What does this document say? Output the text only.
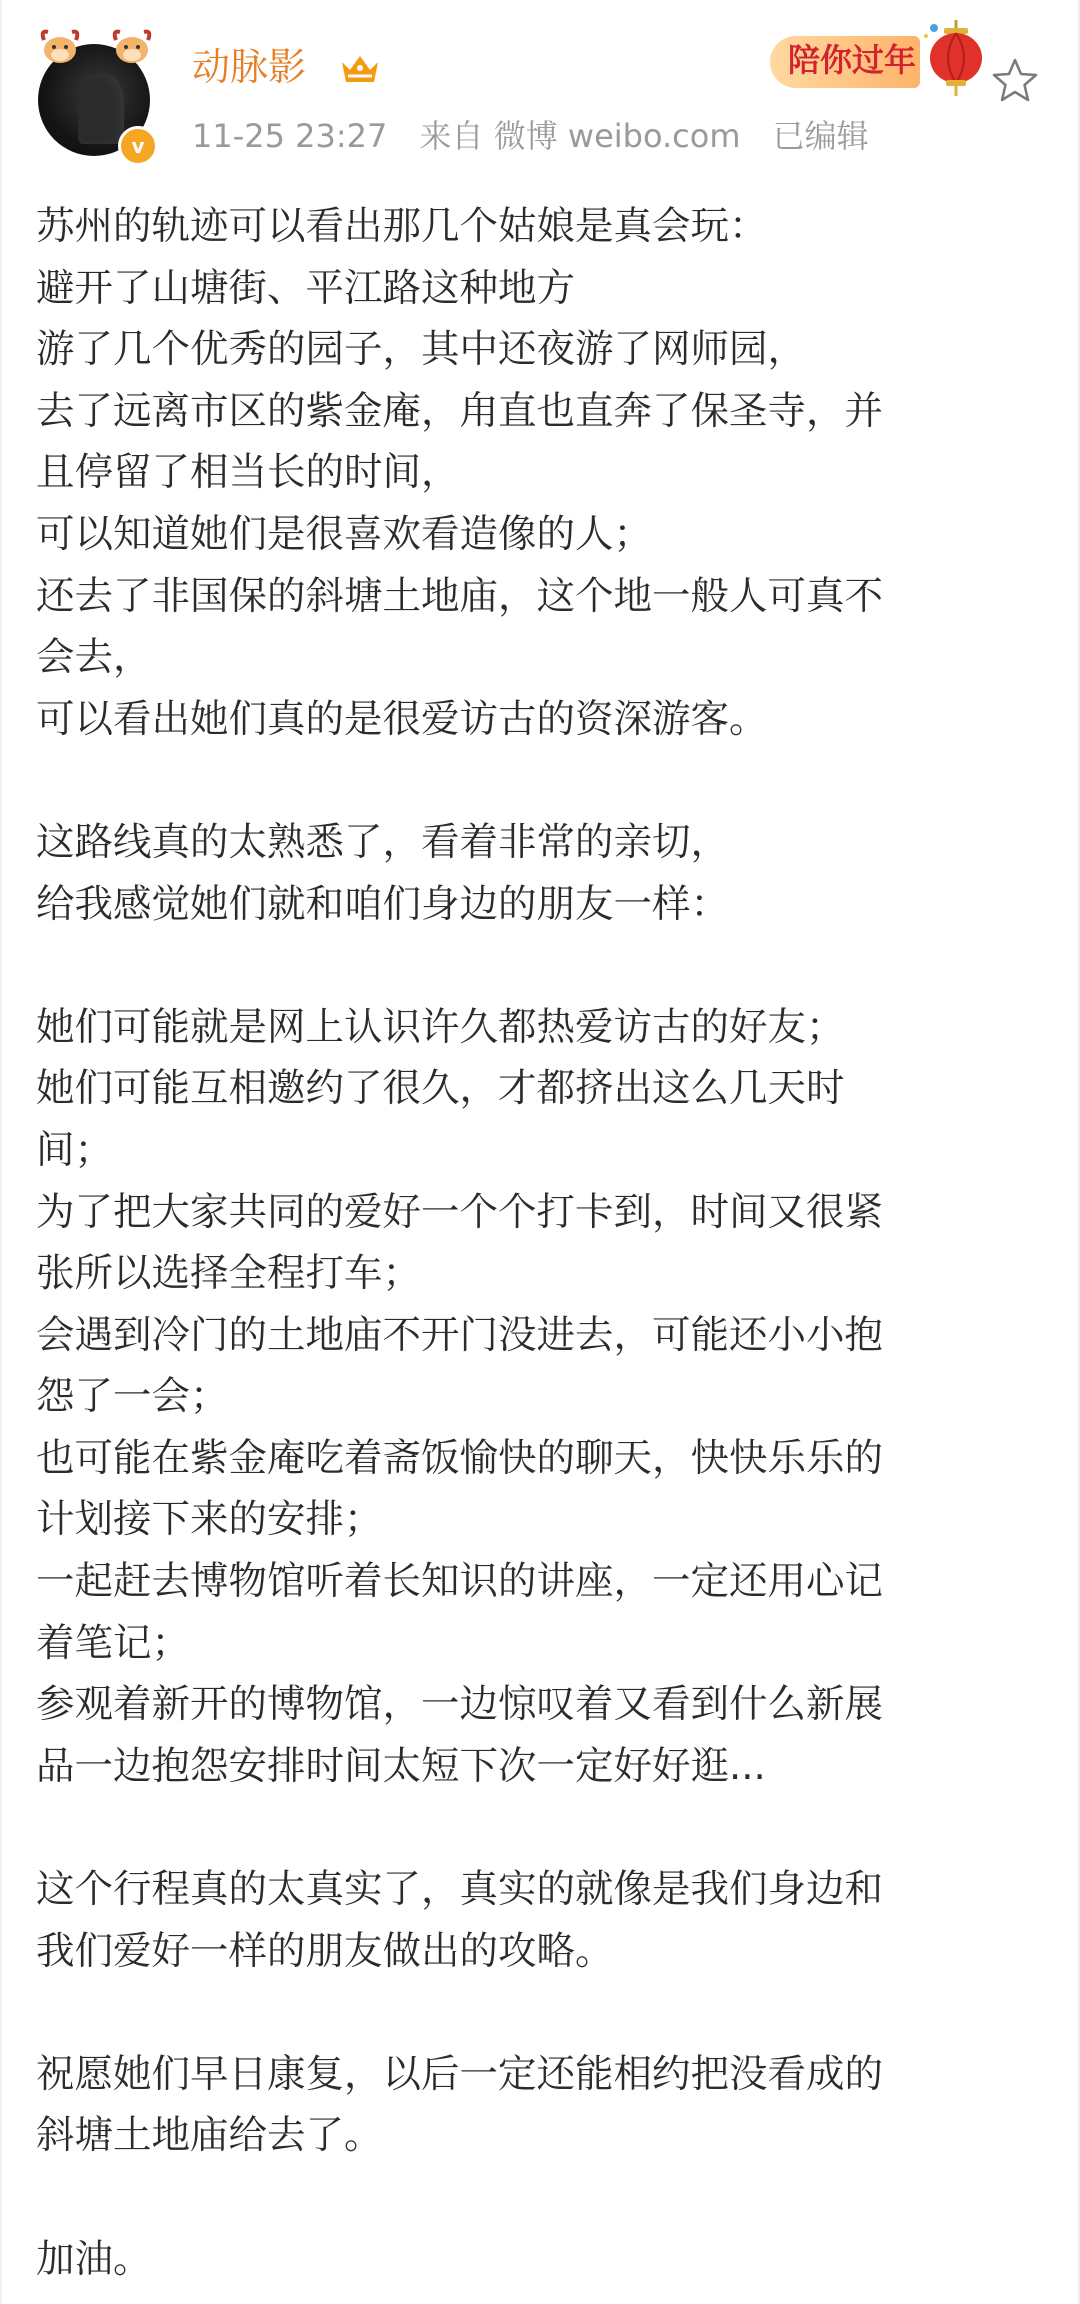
v
动脉影
11-25 23:27 来自 微博 weibo.com 已编辑
陪你过年
苏州的轨迹可以看出那几个姑娘是真会玩：
避开了山塘街、平江路这种地方
游了几个优秀的园子，其中还夜游了网师园，
去了远离市区的紫金庵，甪直也直奔了保圣寺，并
且停留了相当长的时间，
可以知道她们是很喜欢看造像的人；
还去了非国保的斜塘土地庙，这个地一般人可真不
会去，
可以看出她们真的是很爱访古的资深游客。
这路线真的太熟悉了，看着非常的亲切，
给我感觉她们就和咱们身边的朋友一样：
她们可能就是网上认识许久都热爱访古的好友；
她们可能互相邀约了很久，才都挤出这么几天时
间；
为了把大家共同的爱好一个个打卡到，时间又很紧
张所以选择全程打车；
会遇到冷门的土地庙不开门没进去，可能还小小抱
怨了一会；
也可能在紫金庵吃着斋饭愉快的聊天，快快乐乐的
计划接下来的安排；
一起赶去博物馆听着长知识的讲座，一定还用心记
着笔记；
参观着新开的博物馆，一边惊叹着又看到什么新展
品一边抱怨安排时间太短下次一定好好逛...
这个行程真的太真实了，真实的就像是我们身边和
我们爱好一样的朋友做出的攻略。
祝愿她们早日康复，以后一定还能相约把没看成的
斜塘土地庙给去了。
加油。
